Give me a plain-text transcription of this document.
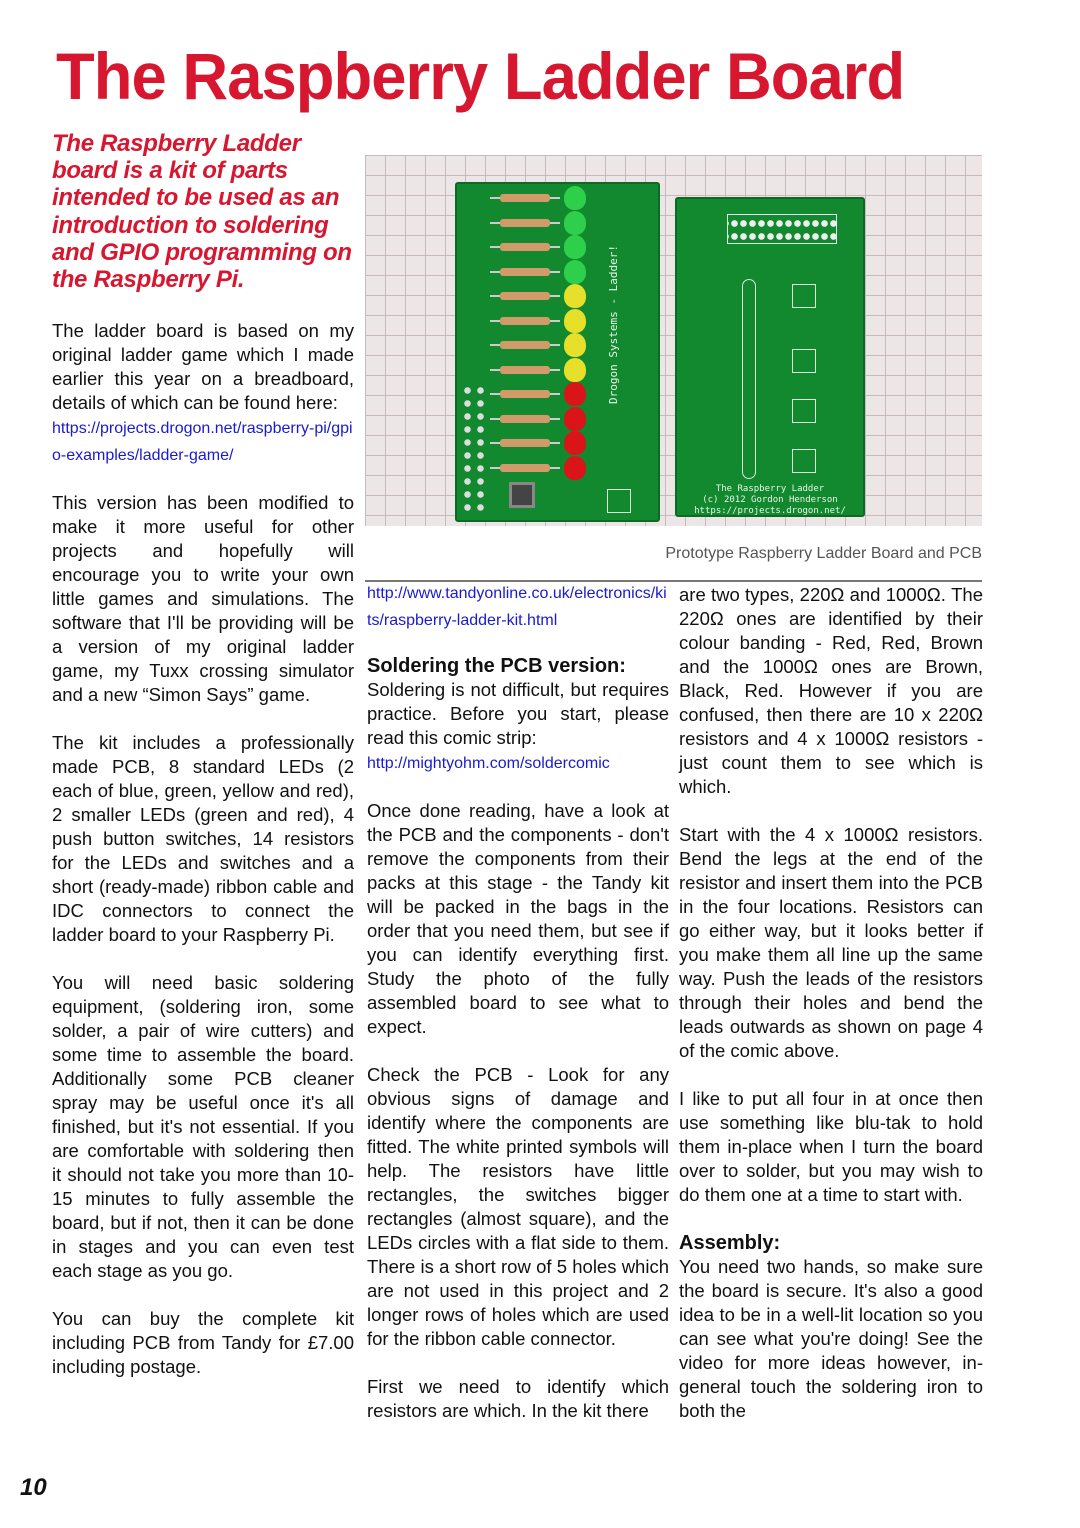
The Raspberry Ladder Board
The Raspberry Ladder board is a kit of parts intended to be used as an introduction to soldering and GPIO programming on the Raspberry Pi.

The ladder board is based on my original ladder game which I made earlier this year on a breadboard, details of which can be found here:

https://projects.drogon.net/raspberry-pi/gpio-examples/ladder-game/

This version has been modified to make it more useful for other projects and hopefully will encourage you to write your own little games and simulations. The software that I'll be providing will be a version of my original ladder game, my Tuxx crossing simulator and a new “Simon Says” game.

The kit includes a professionally made PCB, 8 standard LEDs (2 each of blue, green, yellow and red), 2 smaller LEDs (green and red), 4 push button switches, 14 resistors for the LEDs and switches and a short (ready-made) ribbon cable and IDC connectors to connect the ladder board to your Raspberry Pi.

You will need basic soldering equipment, (soldering iron, some solder, a pair of wire cutters) and some time to assemble the board. Additionally some PCB cleaner spray may be useful once it's all finished, but it's not essential. If you are comfortable with soldering then it should not take you more than 10-15 minutes to fully assemble the board, but if not, then it can be done in stages and you can even test each stage as you go.

You can buy the complete kit including PCB from Tandy for £7.00 including postage.

Drogon Systems - Ladder!
The Raspberry Ladder
(c) 2012 Gordon Henderson
https://projects.drogon.net/
Prototype Raspberry Ladder Board and PCB
http://www.tandyonline.co.uk/electronics/kits/raspberry-ladder-kit.html
Soldering the PCB version:

Soldering is not difficult, but requires practice. Before you start, please read this comic strip:

http://mightyohm.com/soldercomic

Once done reading, have a look at the PCB and the components - don't remove the components from their packs at this stage - the Tandy kit will be packed in the bags in the order that you need them, but see if you can identify everything first. Study the photo of the fully assembled board to see what to expect.

Check the PCB - Look for any obvious signs of damage and identify where the components are fitted. The white printed symbols will help. The resistors have little rectangles, the switches bigger rectangles (almost square), and the LEDs circles with a flat side to them. There is a short row of 5 holes which are not used in this project and 2 longer rows of holes which are used for the ribbon cable connector.

First we need to identify which resistors are which. In the kit there

are two types, 220Ω and 1000Ω. The 220Ω ones are identified by their colour banding - Red, Red, Brown and the 1000Ω ones are Brown, Black, Red. However if you are confused, then there are 10 x 220Ω resistors and 4 x 1000Ω resistors - just count them to see which is which.

Start with the 4 x 1000Ω resistors. Bend the legs at the end of the resistor and insert them into the PCB in the four locations. Resistors can go either way, but it looks better if you make them all line up the same way. Push the leads of the resistors through their holes and bend the leads outwards as shown on page 4 of the comic above.

I like to put all four in at once then use something like blu-tak to hold them in-place when I turn the board over to solder, but you may wish to do them one at a time to start with.

Assembly:

You need two hands, so make sure the board is secure. It's also a good idea to be in a well-lit location so you can see what you're doing! See the video for more ideas however, in-general touch the soldering iron to both the

10
